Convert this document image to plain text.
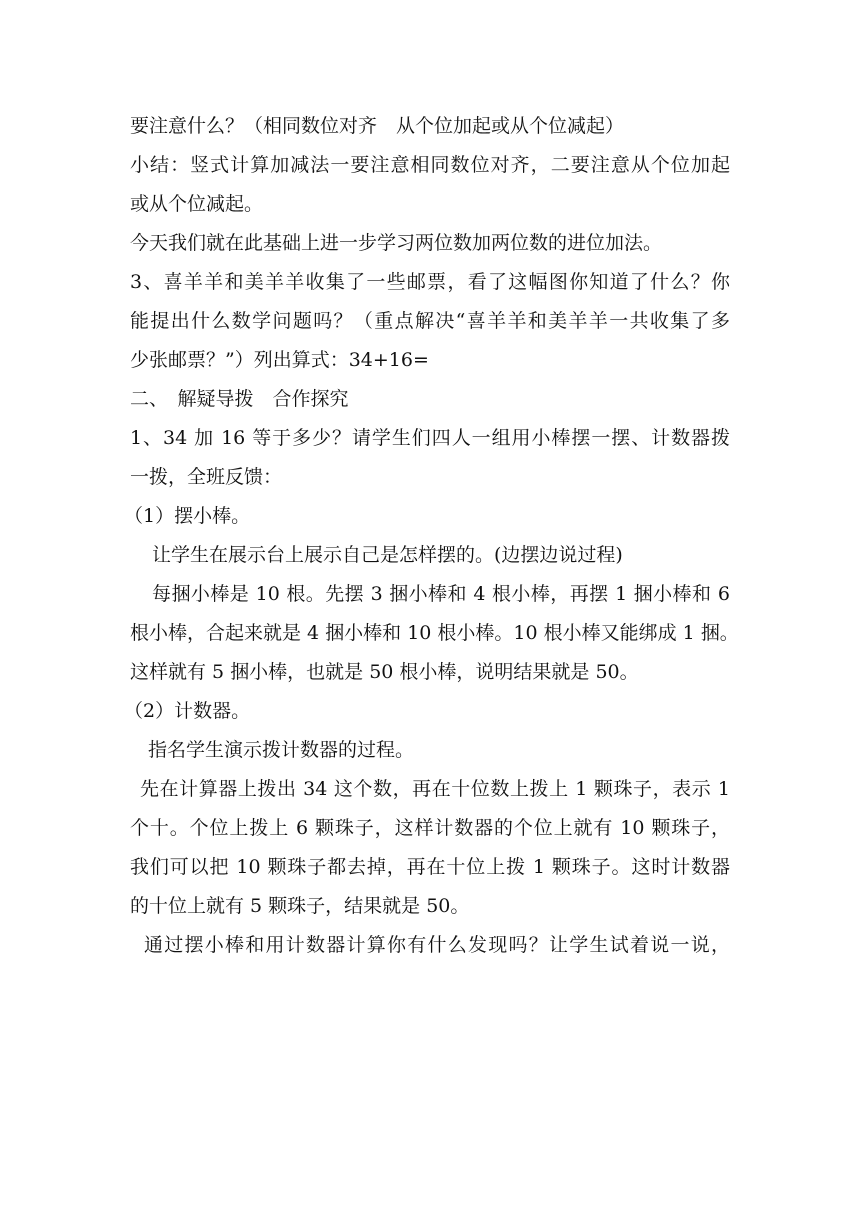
要注意什么？（相同数位对齐　从个位加起或从个位减起）
小结：竖式计算加减法一要注意相同数位对齐，二要注意从个位加起
或从个位减起。
今天我们就在此基础上进一步学习两位数加两位数的进位加法。
3、喜羊羊和美羊羊收集了一些邮票，看了这幅图你知道了什么？你
能提出什么数学问题吗？（重点解决“喜羊羊和美羊羊一共收集了多
少张邮票？”）列出算式：34+16=
二、　解疑导拨　合作探究
1、34 加 16 等于多少？请学生们四人一组用小棒摆一摆、计数器拨
一拨，全班反馈：
（1）摆小棒。
让学生在展示台上展示自己是怎样摆的。(边摆边说过程)
每捆小棒是 10 根。先摆 3 捆小棒和 4 根小棒，再摆 1 捆小棒和 6
根小棒，合起来就是 4 捆小棒和 10 根小棒。10 根小棒又能绑成 1 捆。
这样就有 5 捆小棒，也就是 50 根小棒，说明结果就是 50。
（2）计数器。
指名学生演示拨计数器的过程。
先在计算器上拨出 34 这个数，再在十位数上拨上 1 颗珠子，表示 1
个十。个位上拨上 6 颗珠子，这样计数器的个位上就有 10 颗珠子，
我们可以把 10 颗珠子都去掉，再在十位上拨 1 颗珠子。这时计数器
的十位上就有 5 颗珠子，结果就是 50。
通过摆小棒和用计数器计算你有什么发现吗？让学生试着说一说，
